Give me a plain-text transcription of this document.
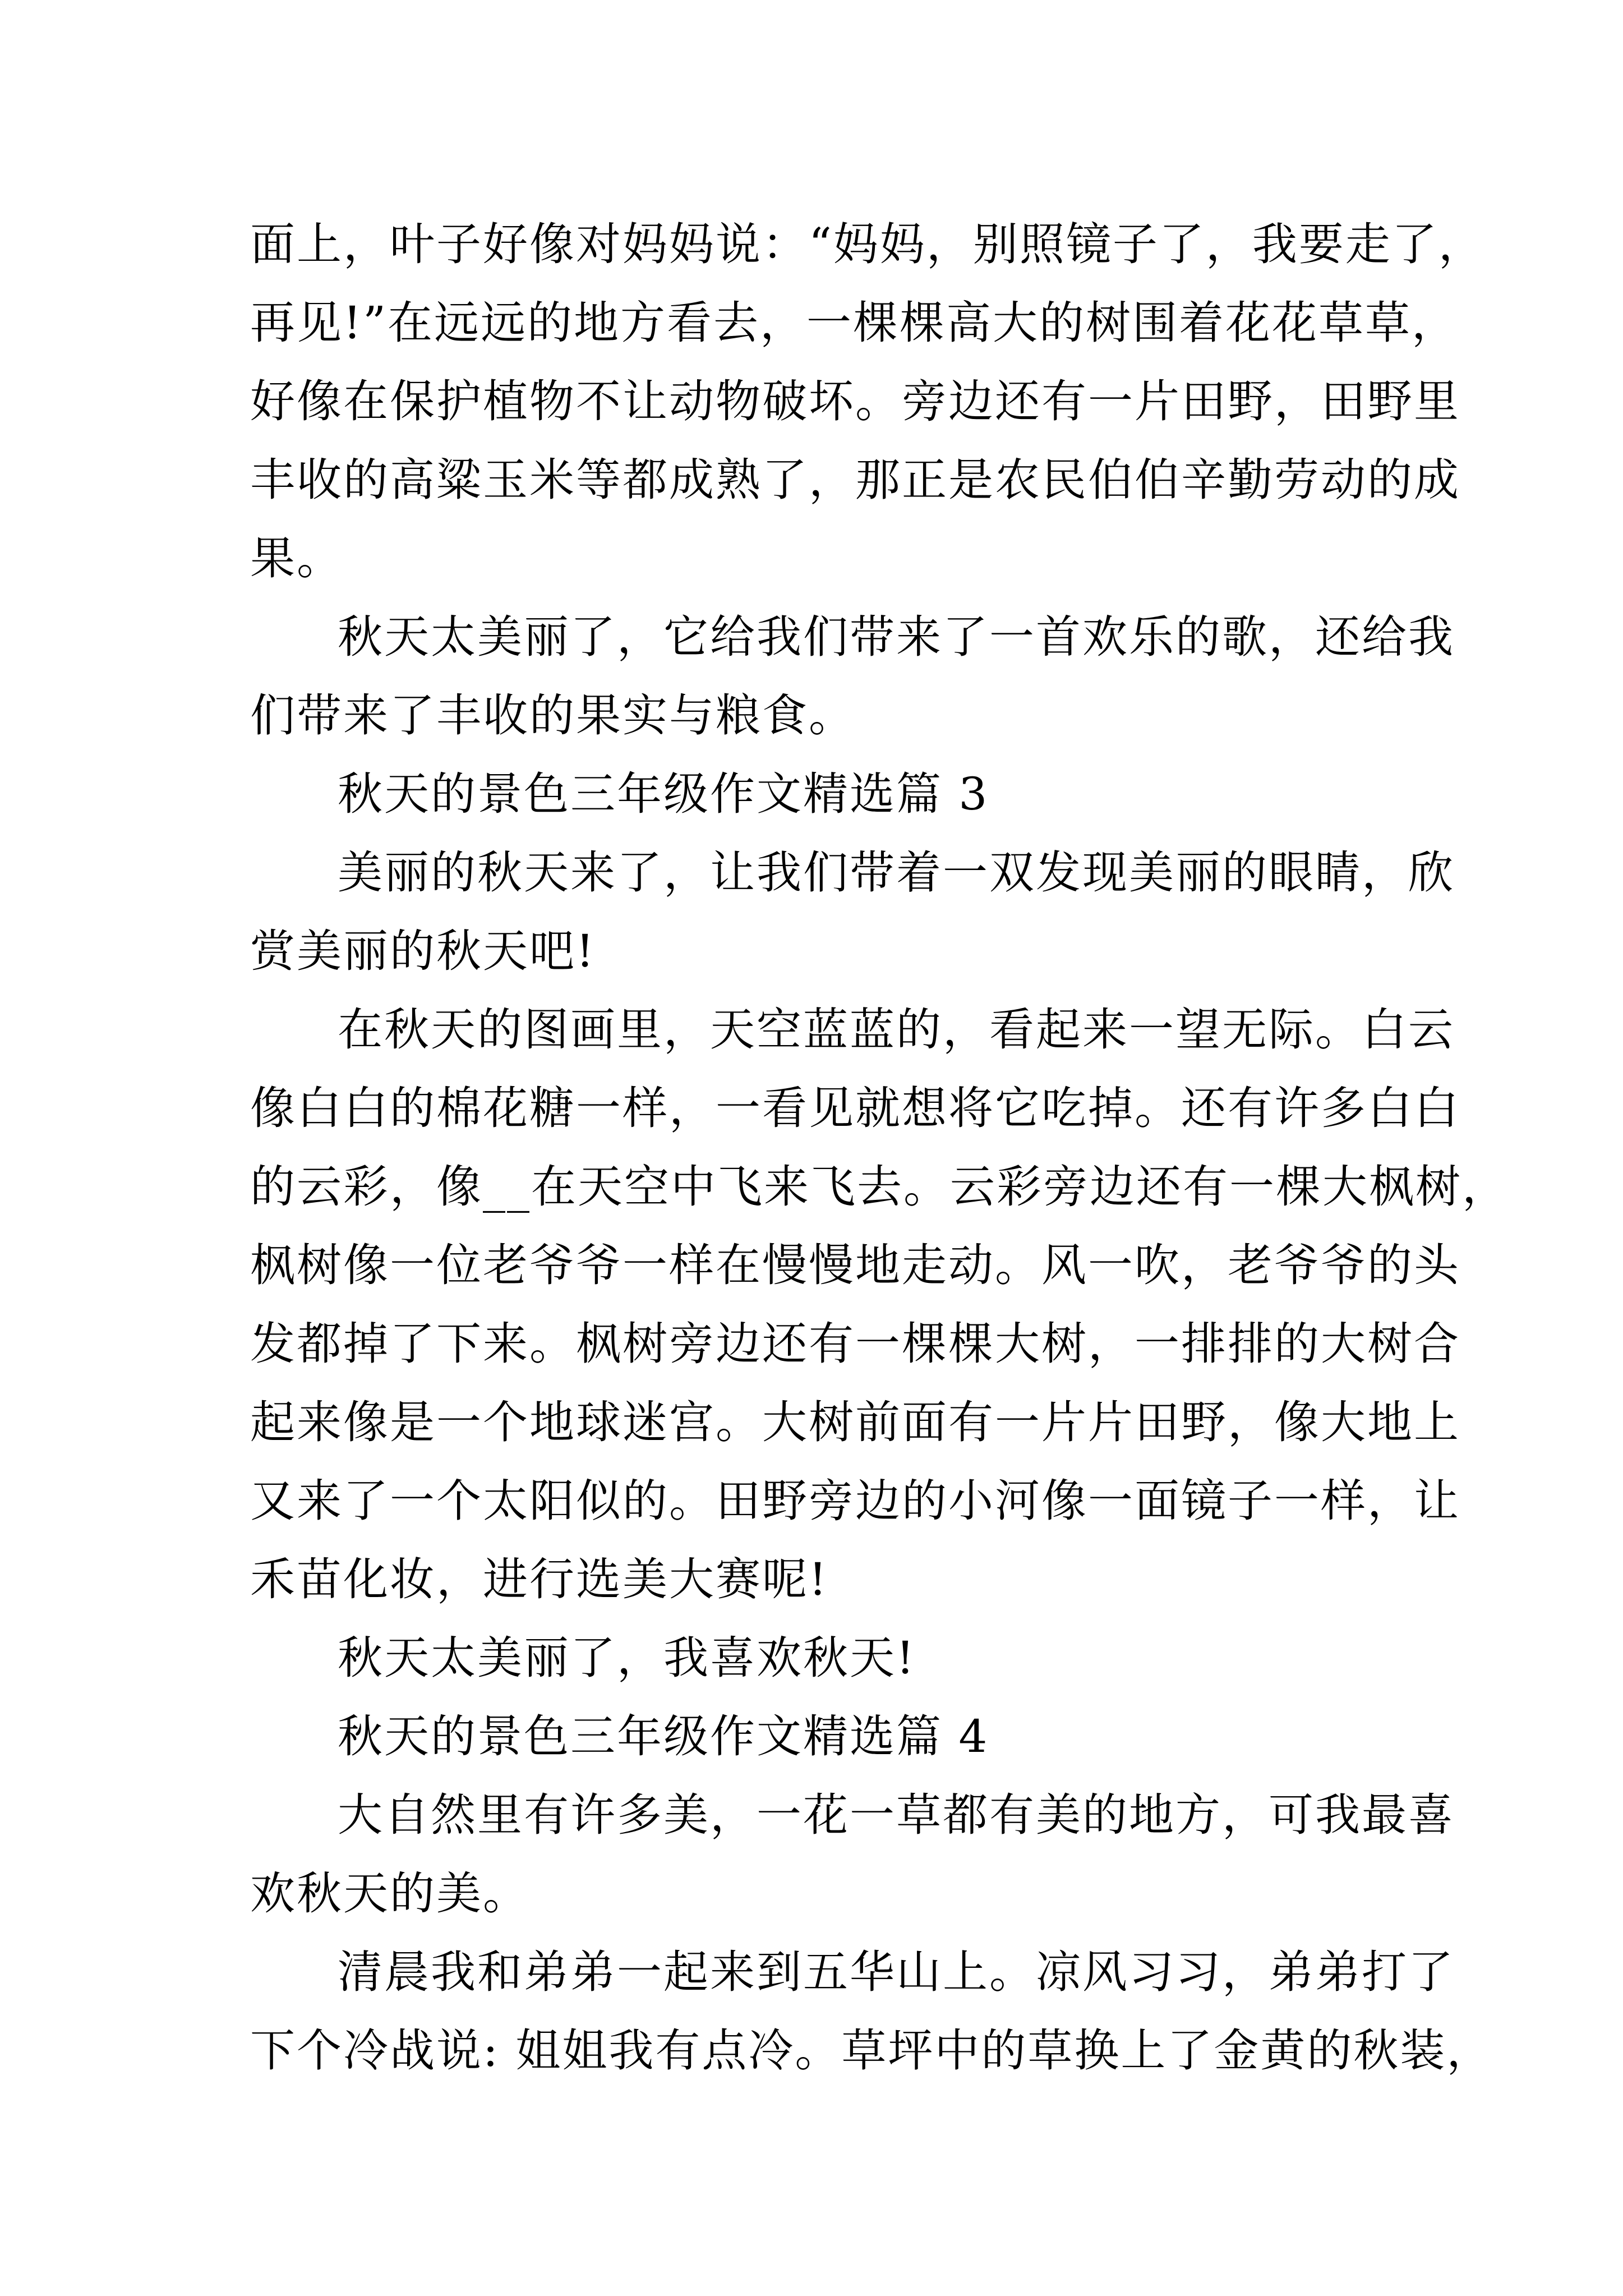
面上，叶子好像对妈妈说：“妈妈，别照镜子了，我要走了，
再见!”在远远的地方看去，一棵棵高大的树围着花花草草，
好像在保护植物不让动物破坏。旁边还有一片田野，田野里
丰收的高粱玉米等都成熟了，那正是农民伯伯辛勤劳动的成
果。
秋天太美丽了，它给我们带来了一首欢乐的歌，还给我
们带来了丰收的果实与粮食。
秋天的景色三年级作文精选篇 3
美丽的秋天来了，让我们带着一双发现美丽的眼睛，欣
赏美丽的秋天吧!
在秋天的图画里，天空蓝蓝的，看起来一望无际。白云
像白白的棉花糖一样，一看见就想将它吃掉。还有许多白白
的云彩，像__在天空中飞来飞去。云彩旁边还有一棵大枫树，
枫树像一位老爷爷一样在慢慢地走动。风一吹，老爷爷的头
发都掉了下来。枫树旁边还有一棵棵大树，一排排的大树合
起来像是一个地球迷宫。大树前面有一片片田野，像大地上
又来了一个太阳似的。田野旁边的小河像一面镜子一样，让
禾苗化妆，进行选美大赛呢!
秋天太美丽了，我喜欢秋天!
秋天的景色三年级作文精选篇 4
大自然里有许多美，一花一草都有美的地方，可我最喜
欢秋天的美。
清晨我和弟弟一起来到五华山上。凉风习习，弟弟打了
下个冷战说: 姐姐我有点冷。草坪中的草换上了金黄的秋装，
